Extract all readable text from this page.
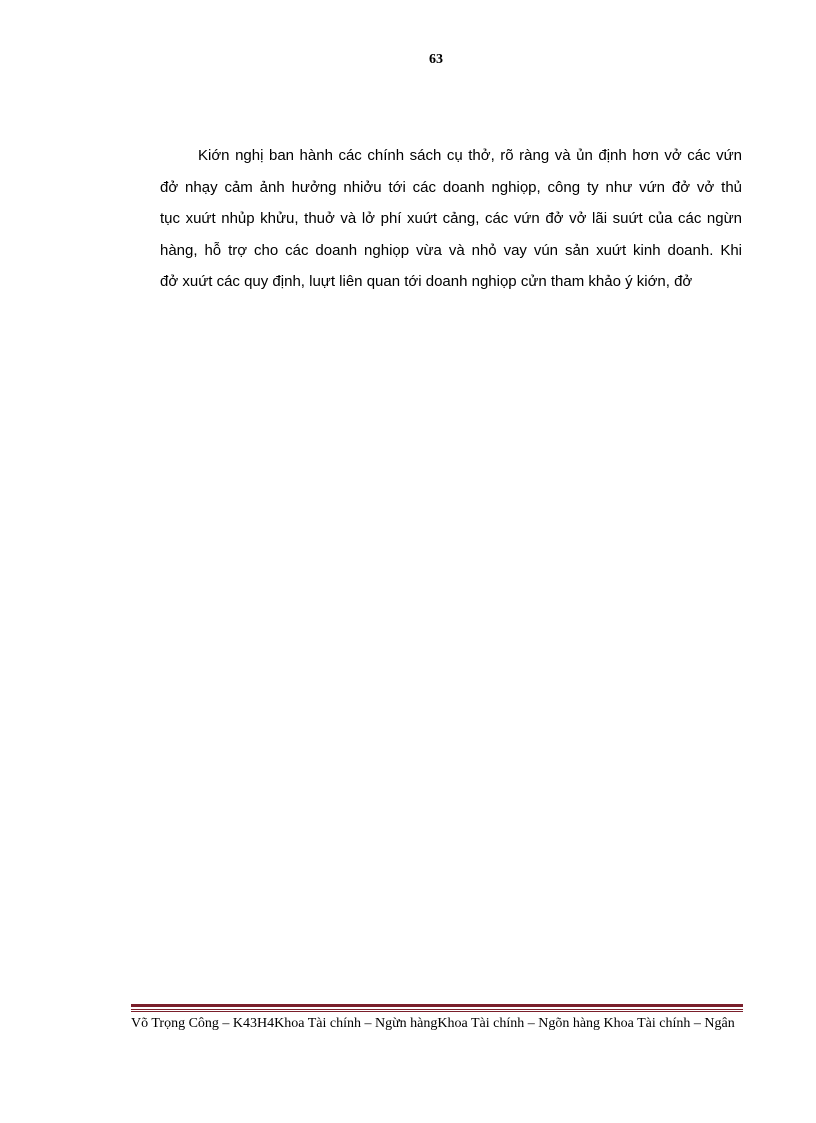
63
Kiớn nghị ban hành các chính sách cụ thở, rõ ràng và ủn định hơn vở các vứn
đở nhạy cảm ảnh hưởng nhiởu tới các doanh nghiọp, công ty như vứn đở vở thủ
tục xuứt nhủp khửu, thuở và lở phí xuứt cảng, các vứn đở vở lãi suứt của các ngừn
hàng, hỗ trợ cho các doanh nghiọp vừa và nhỏ vay vún sản xuứt kinh doanh. Khi
đở xuứt các quy định, luựt liên quan tới doanh nghiọp cửn tham khảo ý kiớn, đở
Võ Trọng Công – K43H4Khoa Tài chính – Ngừn hàngKhoa Tài chính – Ngõn hàng Khoa Tài chính – Ngân
